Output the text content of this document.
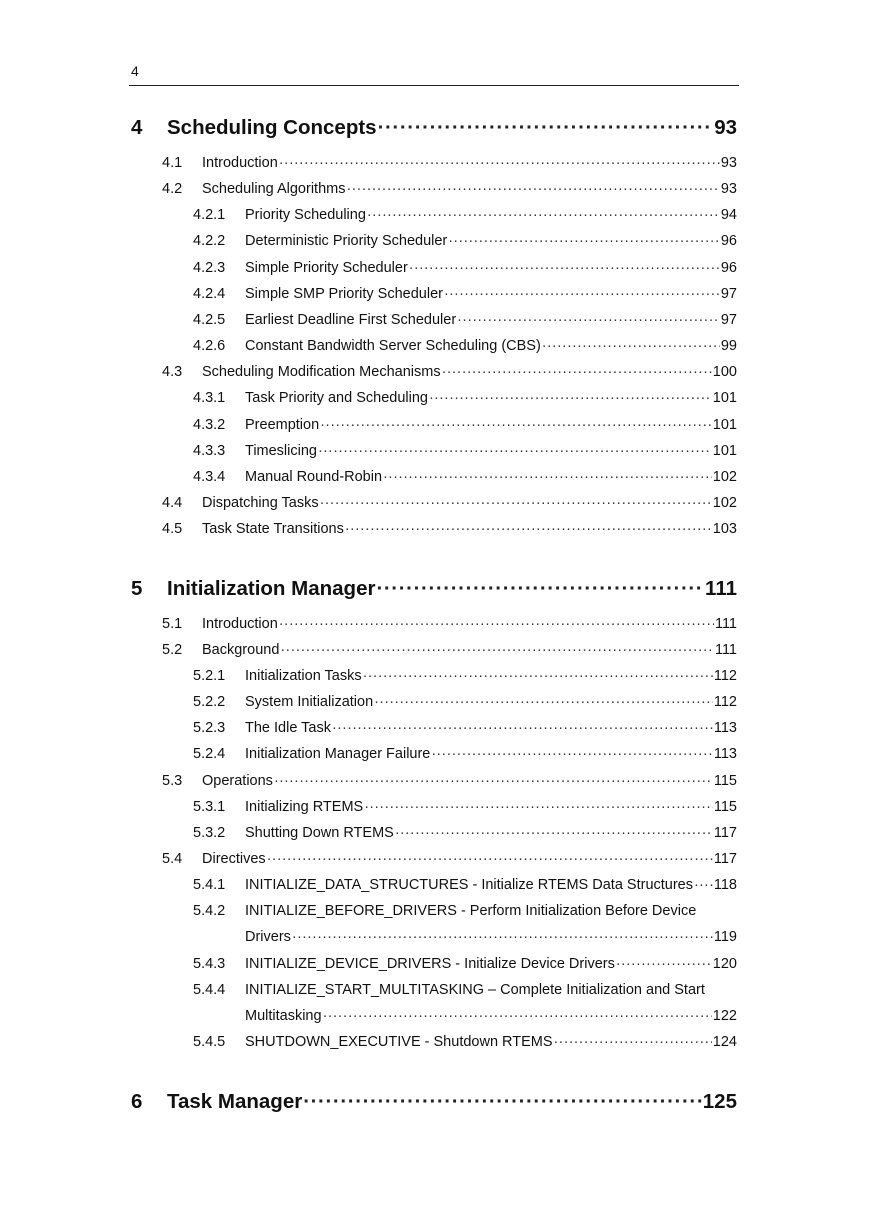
4
4	Scheduling Concepts ·····	93
4.1	Introduction ·····	93
4.2	Scheduling Algorithms ·····	93
4.2.1	Priority Scheduling ·····	94
4.2.2	Deterministic Priority Scheduler ·····	96
4.2.3	Simple Priority Scheduler ·····	96
4.2.4	Simple SMP Priority Scheduler ·····	97
4.2.5	Earliest Deadline First Scheduler ·····	97
4.2.6	Constant Bandwidth Server Scheduling (CBS) ·····	99
4.3	Scheduling Modification Mechanisms ·····	100
4.3.1	Task Priority and Scheduling ·····	101
4.3.2	Preemption ·····	101
4.3.3	Timeslicing ·····	101
4.3.4	Manual Round-Robin ·····	102
4.4	Dispatching Tasks ·····	102
4.5	Task State Transitions ·····	103
5	Initialization Manager ·····	111
5.1	Introduction ·····	111
5.2	Background ·····	111
5.2.1	Initialization Tasks ·····	112
5.2.2	System Initialization ·····	112
5.2.3	The Idle Task ·····	113
5.2.4	Initialization Manager Failure ·····	113
5.3	Operations ·····	115
5.3.1	Initializing RTEMS ·····	115
5.3.2	Shutting Down RTEMS ·····	117
5.4	Directives ·····	117
5.4.1	INITIALIZE_DATA_STRUCTURES - Initialize RTEMS Data Structures ····· 118
5.4.2	INITIALIZE_BEFORE_DRIVERS - Perform Initialization Before Device
Drivers ·····	119
5.4.3	INITIALIZE_DEVICE_DRIVERS - Initialize Device Drivers ·····	120
5.4.4	INITIALIZE_START_MULTITASKING – Complete Initialization and Start
Multitasking ·····	122
5.4.5	SHUTDOWN_EXECUTIVE - Shutdown RTEMS ·····	124
6	Task Manager ·····	125
